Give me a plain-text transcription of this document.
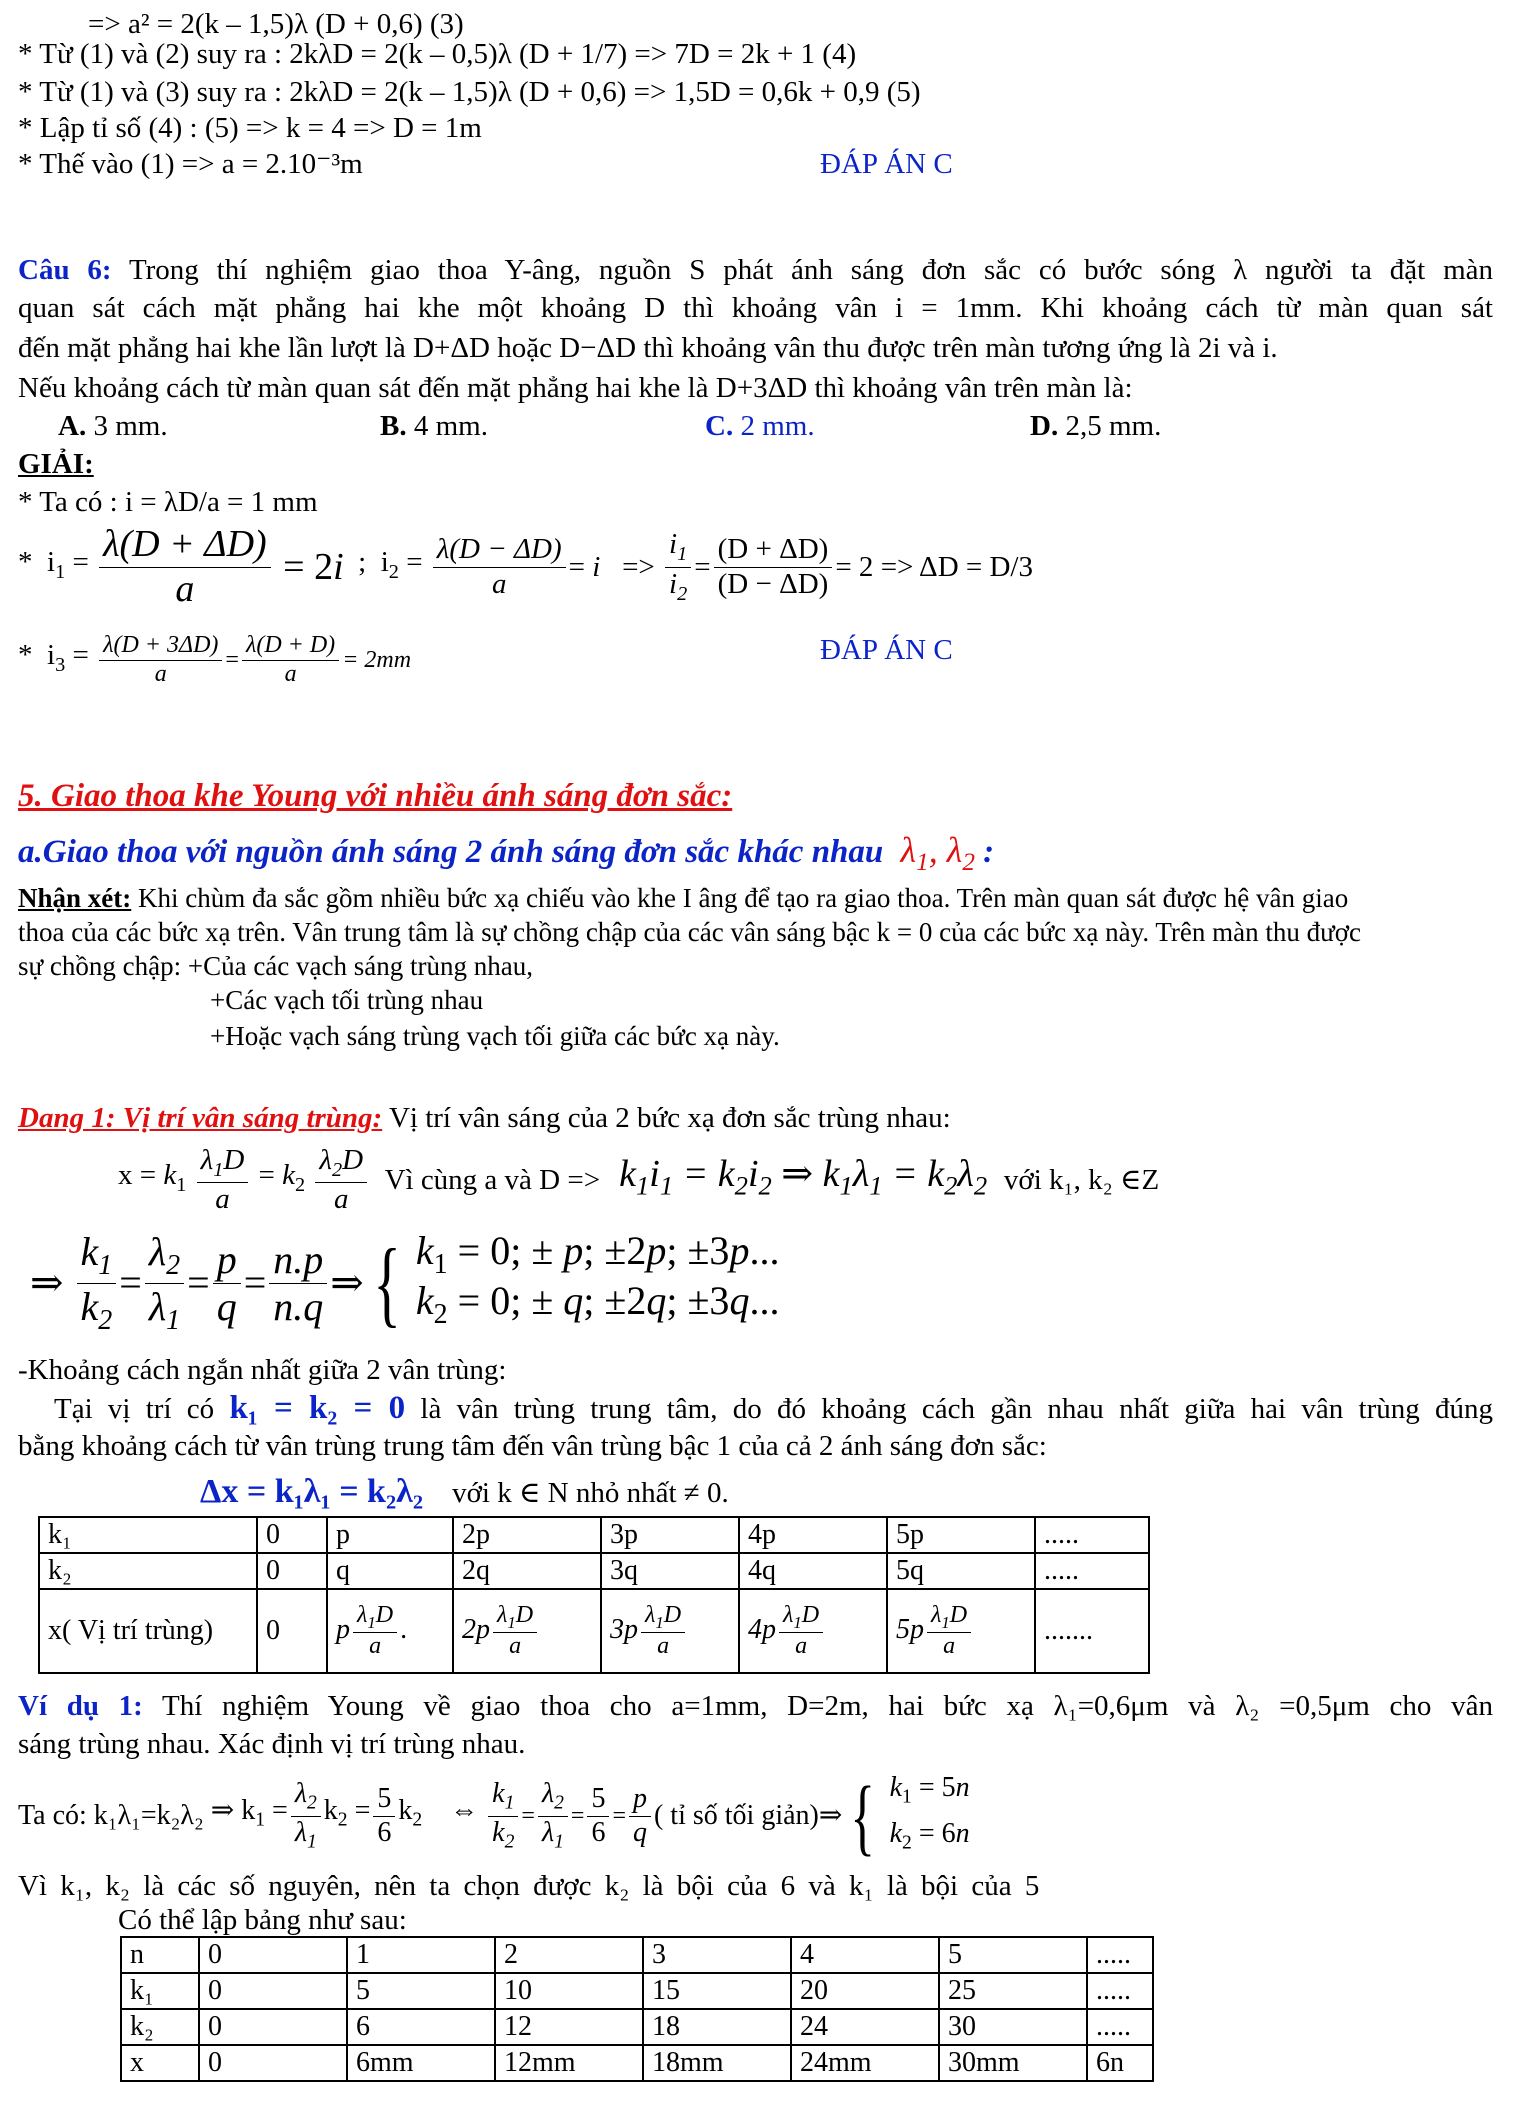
=> a² = 2(k – 1,5)λ (D + 0,6) (3)
* Từ (1) và (2) suy ra : 2kλD = 2(k – 0,5)λ (D + 1/7) => 7D = 2k + 1 (4)
* Từ (1) và (3) suy ra : 2kλD = 2(k – 1,5)λ (D + 0,6) => 1,5D = 0,6k + 0,9 (5)
* Lập tỉ số (4) : (5) => k = 4 => D = 1m
* Thế vào (1) => a = 2.10⁻³m	ĐÁP ÁN C
Câu 6: Trong thí nghiệm giao thoa Y-âng, nguồn S phát ánh sáng đơn sắc có bước sóng λ người ta đặt màn
quan sát cách mặt phẳng hai khe một khoảng D thì khoảng vân i = 1mm. Khi khoảng cách từ màn quan sát
đến mặt phẳng hai khe lần lượt là D+ΔD hoặc D−ΔD thì khoảng vân thu được trên màn tương ứng là 2i và i.
Nếu khoảng cách từ màn quan sát đến mặt phẳng hai khe là D+3ΔD thì khoảng vân trên màn là:
A. 3 mm.	B. 4 mm.	C. 2 mm.	D. 2,5 mm.
GIẢI:
* Ta có : i = λD/a = 1 mm
*  $i_1 = \frac{\lambda(D + \Delta D)}{a} = 2i$ ;  $i_2 = \frac{\lambda(D - \Delta D)}{a} = i => \frac{i_1}{i_2} = \frac{(D + \Delta D)}{(D - \Delta D)} = 2 => \Delta D = D/3$
*  $i_3 = \frac{\lambda(D + 3\Delta D)}{a} = \frac{\lambda(D + D)}{a} = 2mm$	ĐÁP ÁN C
5. Giao thoa khe Young với nhiều ánh sáng đơn sắc:
a.Giao thoa với nguồn ánh sáng 2 ánh sáng đơn sắc khác nhau  $\lambda_1$, $\lambda_2$ :
Nhận xét: Khi chùm đa sắc gồm nhiều bức xạ chiếu vào khe I âng để tạo ra giao thoa. Trên màn quan sát được hệ vân giao
thoa của các bức xạ trên. Vân trung tâm là sự chồng chập của các vân sáng bậc k = 0 của các bức xạ này. Trên màn thu được
sự chồng chập: +Của các vạch sáng trùng nhau,
+Các vạch tối trùng nhau
+Hoặc vạch sáng trùng vạch tối giữa các bức xạ này.
Dang 1: Vị trí vân sáng trùng: Vị trí vân sáng của 2 bức xạ đơn sắc trùng nhau:
$x = k_1 \frac{\lambda_1D}{a} = k_2$
$\lambda_2D$
a

Vì cùng a và $D => k_1i_1 = k_2i_2$ ⇒ $k_1\lambda_1 = k_2\lambda_2$
với k₁, k₂ ∈Z
⇒ $\frac{k_1}{k_2} = \frac{\lambda_2}{\lambda_1} = \frac{p}{q} = \frac{n.p}{n.q}$ ⇒ { $k_1 = 0$; ± p; ±2p; ±3p...
$k_2 = 0$; ± q; ±2q; ±3q...
-Khoảng cách ngắn nhất giữa 2 vân trùng:
Tại vị trí có k₁ = k₂ = 0 là vân trùng trung tâm, do đó khoảng cách gần nhau nhất giữa hai vân trùng đúng
bằng khoảng cách từ vân trùng trung tâm đến vân trùng bậc 1 của cả 2 ánh sáng đơn sắc:
Δx = k₁λ₁ = k₂λ₂ với k ∈ N nhỏ nhất ≠ 0.
k₁	0	p	2p	3p	4p	5p	.....
k₂	0	q	2q	3q	4q	5q	.....
x( Vị trí trùng)	0	p $\frac{\lambda_1D}{a}$ .	$2p \frac{\lambda_1D}{a}$	$3p \frac{\lambda_1D}{a}$	$4p \frac{\lambda_1D}{a}$	$5p \frac{\lambda_1D}{a}$	.......
Ví dụ 1: Thí nghiệm Young về giao thoa cho a=1mm, D=2m, hai bức xạ λ₁=0,6μm và λ₂ =0,5μm cho vân
sáng trùng nhau. Xác định vị trí trùng nhau.
Ta có: k₁λ₁=k₂λ₂ ⇒ $k_1 = \frac{\lambda_2}{\lambda_1} k_2 = \frac{5}{6} k_2$    ⇔ $\frac{k_1}{k_2} = \frac{\lambda_2}{\lambda_1} = \frac{5}{6} = \frac{p}{q}$ ( tỉ số tối giản) ⇒ { $k_1 = 5n$
$k_2 = 6n$
Vì k₁, k₂ là các số nguyên, nên ta chọn được k₂ là bội của 6 và k₁ là bội của 5
Có thể lập bảng như sau:
n	0	1	2	3	4	5	.....
k₁	0	5	10	15	20	25	.....
k₂	0	6	12	18	24	30	.....
x	0	6mm	12mm	18mm	24mm	30mm	6n
